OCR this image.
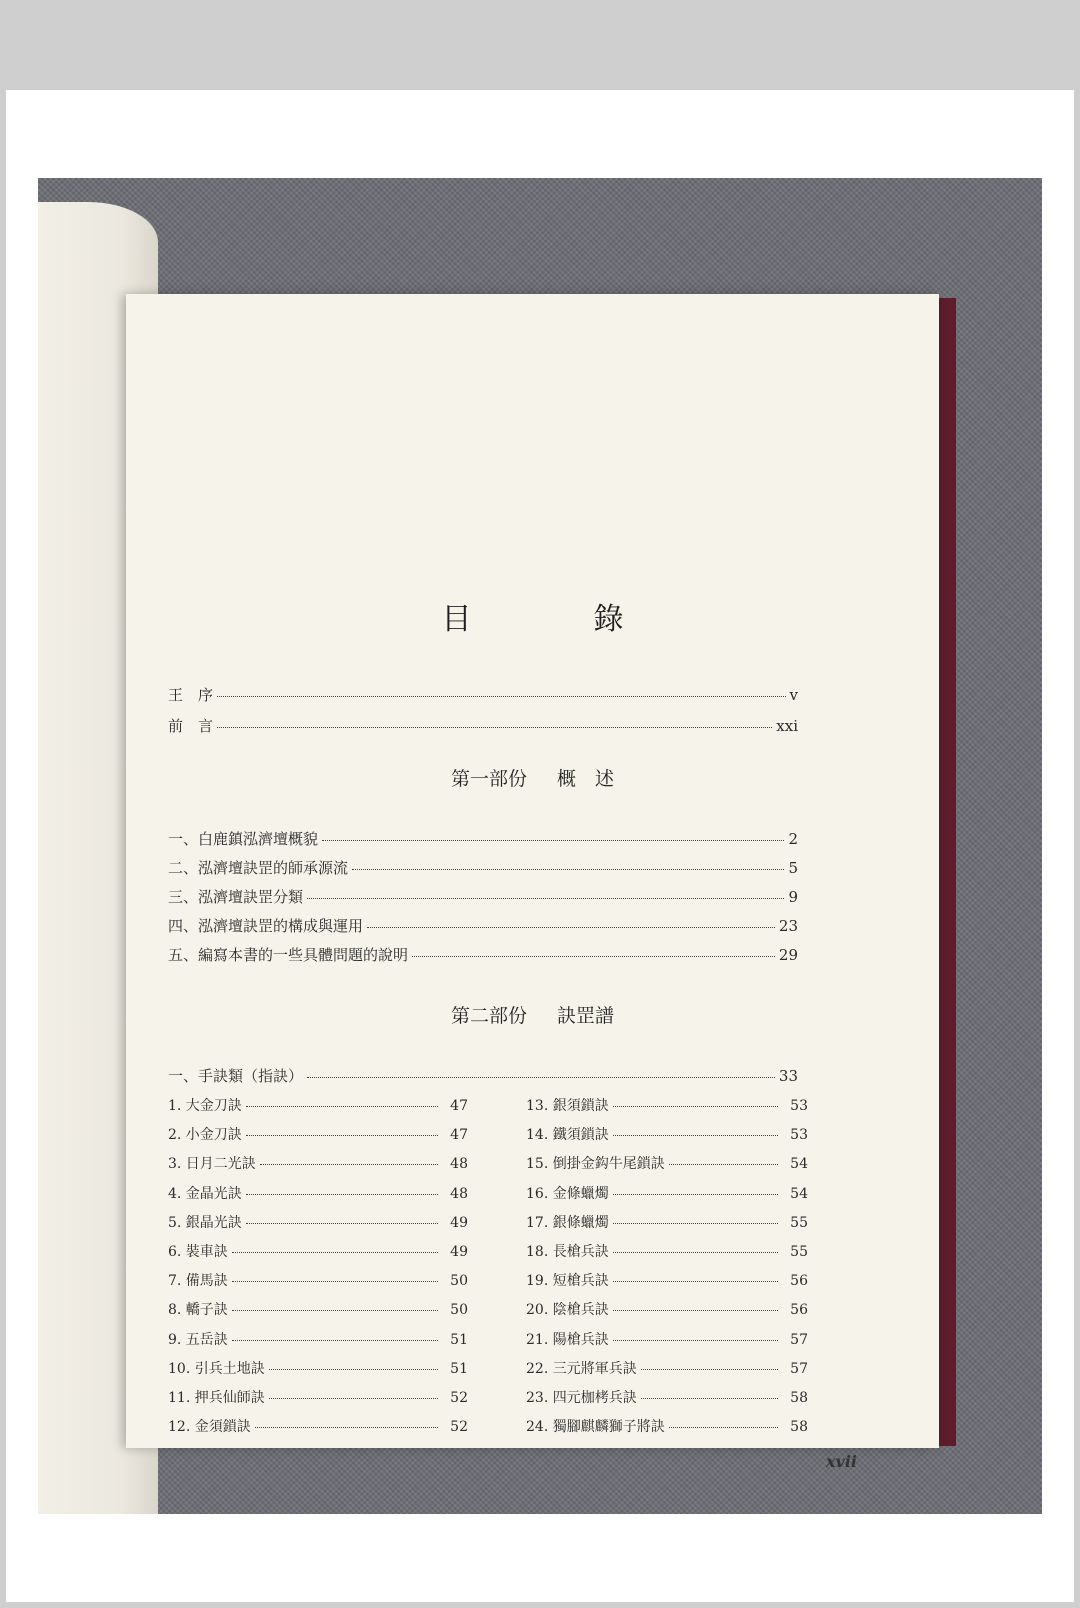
目　錄
王　序	v
前　言	xxi
第一部份 概　述
一、白鹿鎮泓濟壇概貌	2
二、泓濟壇訣罡的師承源流	5
三、泓濟壇訣罡分類	9
四、泓濟壇訣罡的構成與運用	23
五、編寫本書的一些具體問題的說明	29
第二部份 訣罡譜
一、手訣類（指訣）	33
1. 大金刀訣	47
2. 小金刀訣	47
3. 日月二光訣	48
4. 金晶光訣	48
5. 銀晶光訣	49
6. 裝車訣	49
7. 備馬訣	50
8. 轎子訣	50
9. 五岳訣	51
10. 引兵土地訣	51
11. 押兵仙師訣	52
12. 金須鎖訣	52
13. 銀須鎖訣	53
14. 鐵須鎖訣	53
15. 倒掛金鈎牛尾鎖訣	54
16. 金條蠟燭	54
17. 銀條蠟燭	55
18. 長槍兵訣	55
19. 短槍兵訣	56
20. 陰槍兵訣	56
21. 陽槍兵訣	57
22. 三元將軍兵訣	57
23. 四元枷栲兵訣	58
24. 獨腳麒麟獅子將訣	58
xvii
